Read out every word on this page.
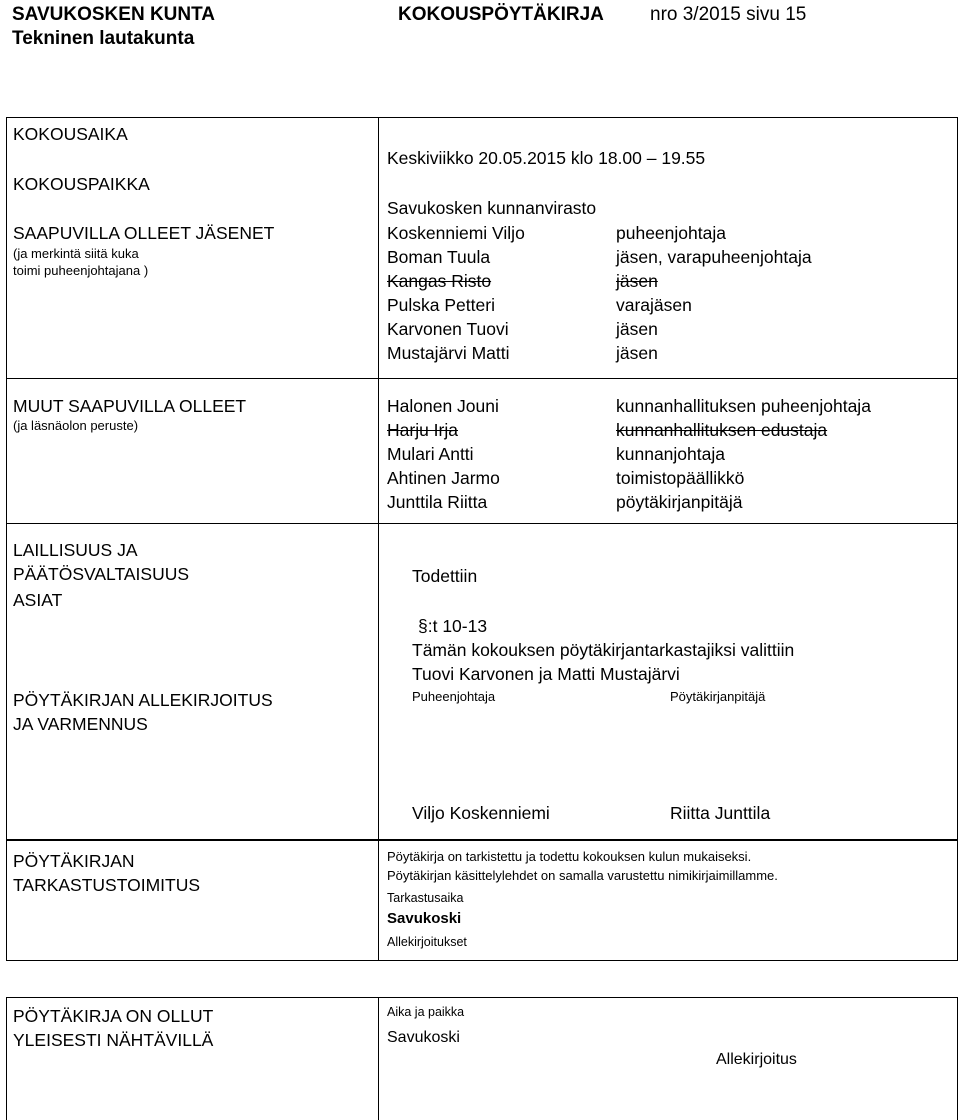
SAVUKOSKEN KUNTA	KOKOUSPÖYTÄKIRJA nro 3/2015 sivu 15
Tekninen lautakunta
KOKOUSAIKA
Keskiviikko 20.05.2015 klo 18.00 – 19.55
KOKOUSPAIKKA
Savukosken kunnanvirasto
SAAPUVILLA OLLEET JÄSENET
(ja merkintä siitä kuka
toimi puheenjohtajana )
Koskenniemi Viljo	puheenjohtaja
Boman Tuula	jäsen, varapuheenjohtaja
Kangas Risto	jäsen
Pulska Petteri	varajäsen
Karvonen Tuovi	jäsen
Mustajärvi Matti	jäsen
MUUT SAAPUVILLA OLLEET
(ja läsnäolon peruste)
Halonen Jouni	kunnanhallituksen puheenjohtaja
Harju Irja	kunnanhallituksen edustaja
Mulari Antti	kunnanjohtaja
Ahtinen Jarmo	toimistopäällikkö
Junttila Riitta	pöytäkirjanpitäjä
LAILLISUUS JA
PÄÄTÖSVALTAISUUS	Todettiin
ASIAT
§:t 10-13
Tämän kokouksen pöytäkirjantarkastajiksi valittiin
Tuovi Karvonen ja Matti Mustajärvi
PÖYTÄKIRJAN ALLEKIRJOITUS
JA VARMENNUS
Puheenjohtaja	Pöytäkirjanpitäjä
Viljo Koskenniemi	Riitta Junttila
PÖYTÄKIRJAN
TARKASTUSTOIMITUS
Pöytäkirja on tarkistettu ja todettu kokouksen kulun mukaiseksi.
Pöytäkirjan käsittelylehdet on samalla varustettu nimikirjaimillamme.
Tarkastusaika
Savukoski
Allekirjoitukset
PÖYTÄKIRJA ON OLLUT
YLEISESTI NÄHTÄVILLÄ
Aika ja paikka
Savukoski
Allekirjoitus
